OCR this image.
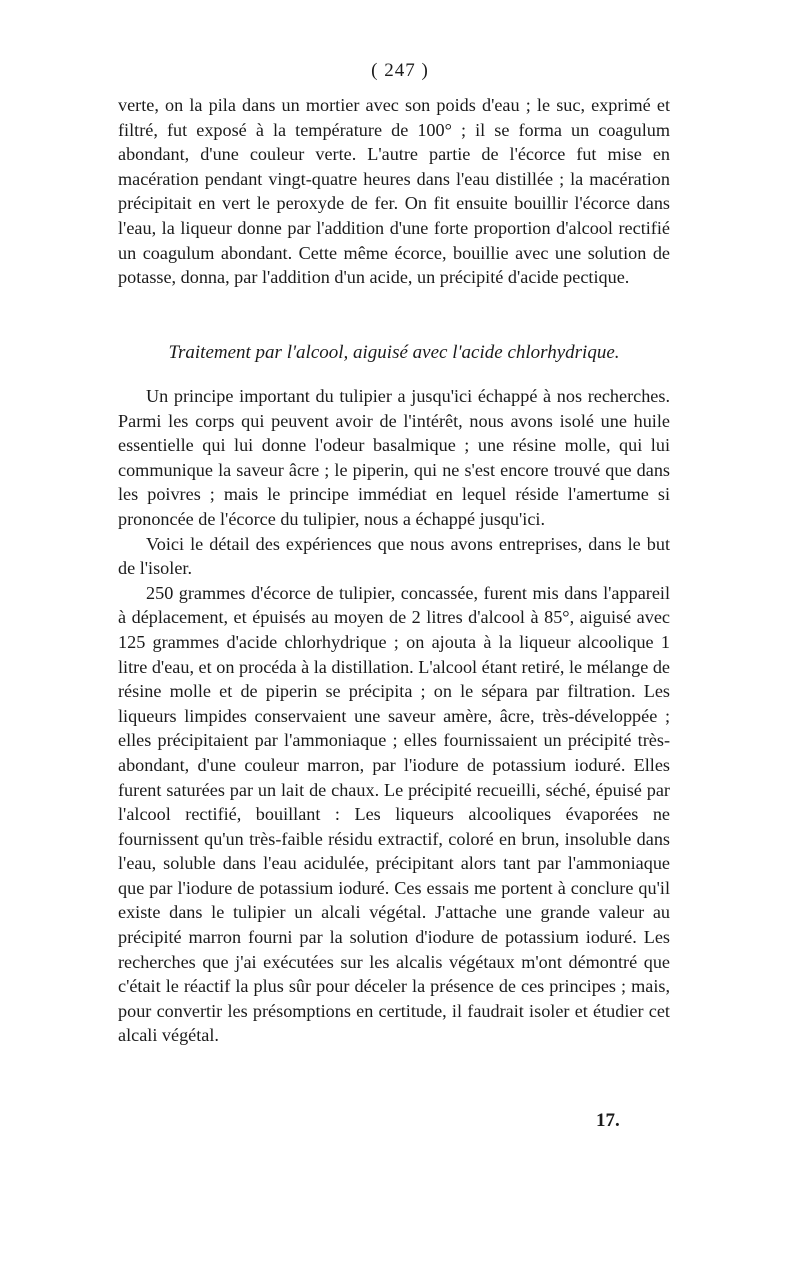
( 247 )

verte, on la pila dans un mortier avec son poids d'eau ; le suc, exprimé et filtré, fut exposé à la température de 100° ; il se forma un coagulum abondant, d'une couleur verte. L'autre partie de l'écorce fut mise en macération pendant vingt-quatre heures dans l'eau distillée ; la macération précipitait en vert le peroxyde de fer. On fit ensuite bouillir l'écorce dans l'eau, la liqueur donne par l'addition d'une forte proportion d'alcool rectifié un coagulum abondant. Cette même écorce, bouillie avec une solution de potasse, donna, par l'addition d'un acide, un précipité d'acide pectique.

Traitement par l'alcool, aiguisé avec l'acide chlorhydrique.

Un principe important du tulipier a jusqu'ici échappé à nos recherches. Parmi les corps qui peuvent avoir de l'intérêt, nous avons isolé une huile essentielle qui lui donne l'odeur basalmique ; une résine molle, qui lui communique la saveur âcre ; le piperin, qui ne s'est encore trouvé que dans les poivres ; mais le principe immédiat en lequel réside l'amertume si prononcée de l'écorce du tulipier, nous a échappé jusqu'ici.

Voici le détail des expériences que nous avons entreprises, dans le but de l'isoler.

250 grammes d'écorce de tulipier, concassée, furent mis dans l'appareil à déplacement, et épuisés au moyen de 2 litres d'alcool à 85°, aiguisé avec 125 grammes d'acide chlorhydrique ; on ajouta à la liqueur alcoolique 1 litre d'eau, et on procéda à la distillation. L'alcool étant retiré, le mélange de résine molle et de piperin se précipita ; on le sépara par filtration. Les liqueurs limpides conservaient une saveur amère, âcre, très-développée ; elles précipitaient par l'ammoniaque ; elles fournissaient un précipité très-abondant, d'une couleur marron, par l'iodure de potassium ioduré. Elles furent saturées par un lait de chaux. Le précipité recueilli, séché, épuisé par l'alcool rectifié, bouillant : Les liqueurs alcooliques évaporées ne fournissent qu'un très-faible résidu extractif, coloré en brun, insoluble dans l'eau, soluble dans l'eau acidulée, précipitant alors tant par l'ammoniaque que par l'iodure de potassium ioduré. Ces essais me portent à conclure qu'il existe dans le tulipier un alcali végétal. J'attache une grande valeur au précipité marron fourni par la solution d'iodure de potassium ioduré. Les recherches que j'ai exécutées sur les alcalis végétaux m'ont démontré que c'était le réactif la plus sûr pour déceler la présence de ces principes ; mais, pour convertir les présomptions en certitude, il faudrait isoler et étudier cet alcali végétal.

17.
